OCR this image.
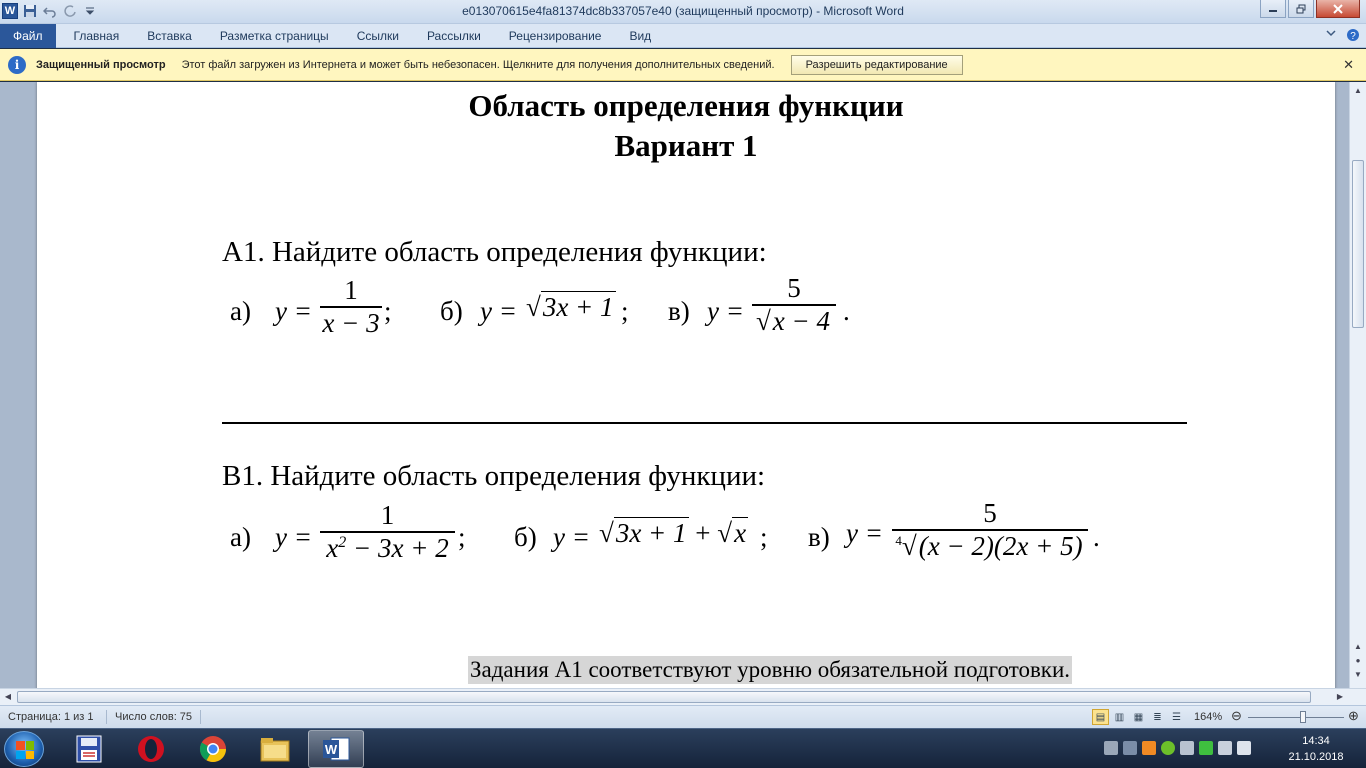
W	e013070615e4fa81374dc8b337057e40 (защищенный просмотр) - Microsoft Word
Файл	Главная	Вставка	Разметка страницы	Ссылки	Рассылки	Рецензирование	Вид	?
i	Защищенный просмотр Этот файл загружен из Интернета и может быть небезопасен. Щелкните для получения дополнительных сведений.	Разрешить редактирование	✕
Область определения функции
Вариант 1
А1. Найдите область определения функции:
а) y =
1
x − 3 ; б) y = √3x + 1 ; в) y =
5
√x − 4 .
В1. Найдите область определения функции:
а) y =
1
$x^2 - 3x + 2$ ; б) y = √3x + 1 + √x ; в) y =
5
$^4$√(x − 2)(2x + 5) .
Задания А1 соответствуют уровню обязательной подготовки.
▲
▲
●
▼
◀	▶
Страница: 1 из 1 Число слов: 75	▤ ▥ ▦	≣	☰	164% ⊖	⊕
W
14:34
21.10.2018
